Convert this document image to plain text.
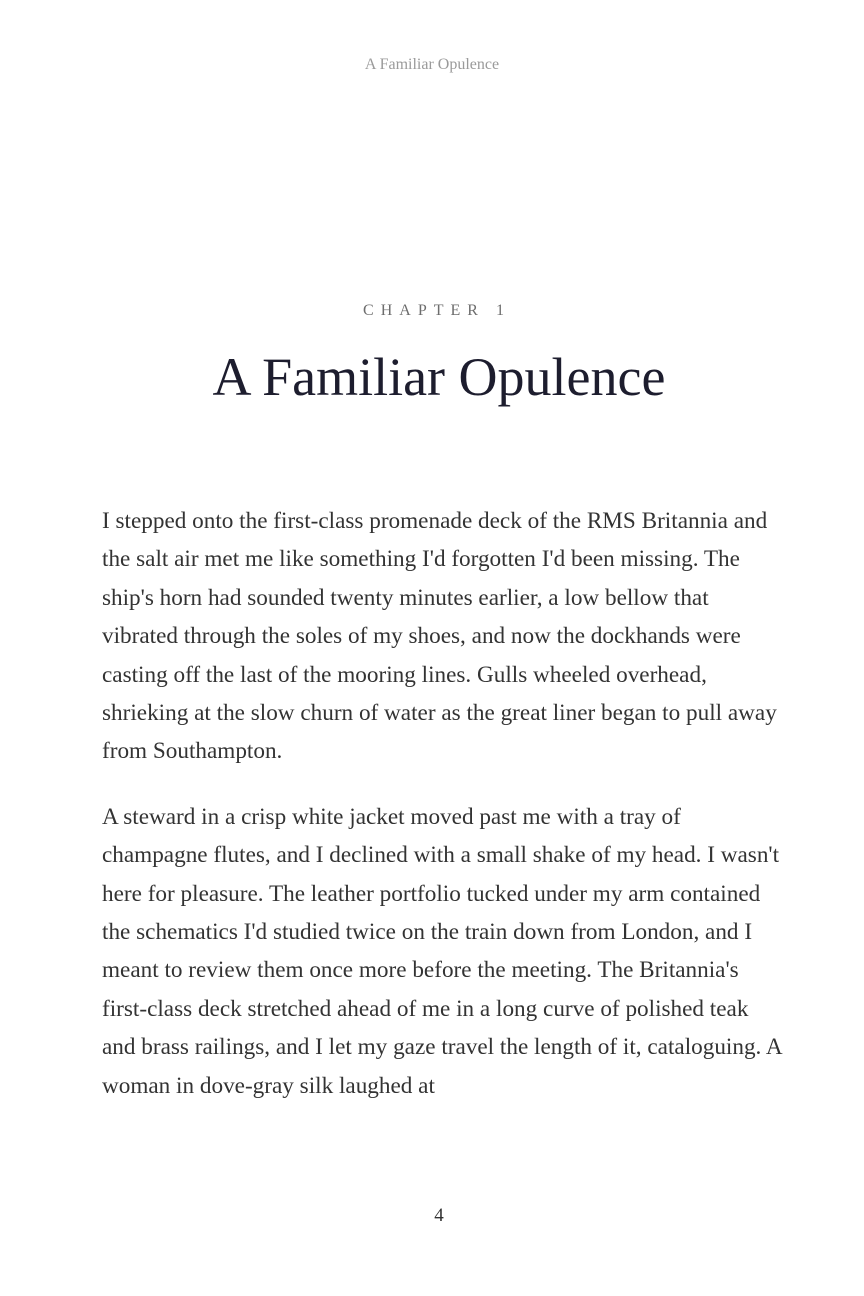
A Familiar Opulence
CHAPTER 1
A Familiar Opulence

I stepped onto the first-class promenade deck of the RMS Britannia and the salt air met me like something I'd forgotten I'd been missing. The ship's horn had sounded twenty minutes earlier, a low bellow that vibrated through the soles of my shoes, and now the dockhands were casting off the last of the mooring lines. Gulls wheeled overhead, shrieking at the slow churn of water as the great liner began to pull away from Southampton.

A steward in a crisp white jacket moved past me with a tray of champagne flutes, and I declined with a small shake of my head. I wasn't here for pleasure. The leather portfolio tucked under my arm contained the schematics I'd studied twice on the train down from London, and I meant to review them once more before the meeting. The Britannia's first-class deck stretched ahead of me in a long curve of polished teak and brass railings, and I let my gaze travel the length of it, cataloguing. A woman in dove-gray silk laughed at

4
